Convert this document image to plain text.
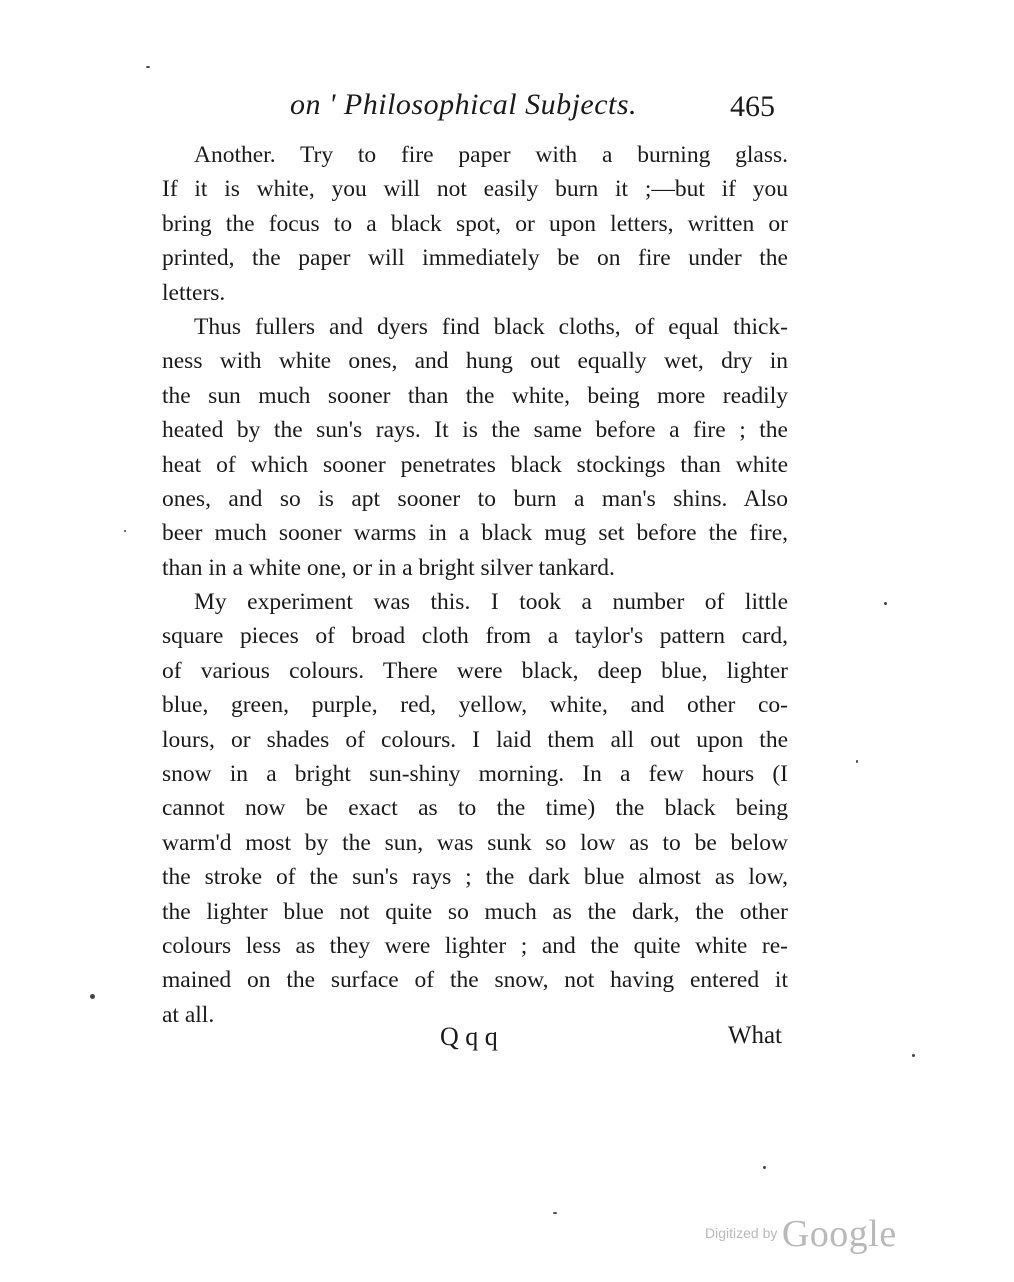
on ' Philosophical Subjects.	465
Another. Try to fire paper with a burning glass.
If it is white, you will not easily burn it ;—but if you
bring the focus to a black spot, or upon letters, written or
printed, the paper will immediately be on fire under the
letters.
Thus fullers and dyers find black cloths, of equal thick-
ness with white ones, and hung out equally wet, dry in
the sun much sooner than the white, being more readily
heated by the sun's rays. It is the same before a fire ; the
heat of which sooner penetrates black stockings than white
ones, and so is apt sooner to burn a man's shins. Also
beer much sooner warms in a black mug set before the fire,
than in a white one, or in a bright silver tankard.
My experiment was this. I took a number of little
square pieces of broad cloth from a taylor's pattern card,
of various colours. There were black, deep blue, lighter
blue, green, purple, red, yellow, white, and other co-
lours, or shades of colours. I laid them all out upon the
snow in a bright sun-shiny morning. In a few hours (I
cannot now be exact as to the time) the black being
warm'd most by the sun, was sunk so low as to be below
the stroke of the sun's rays ; the dark blue almost as low,
the lighter blue not quite so much as the dark, the other
colours less as they were lighter ; and the quite white re-
mained on the surface of the snow, not having entered it
at all.
Q q q	What
Digitized by Google
